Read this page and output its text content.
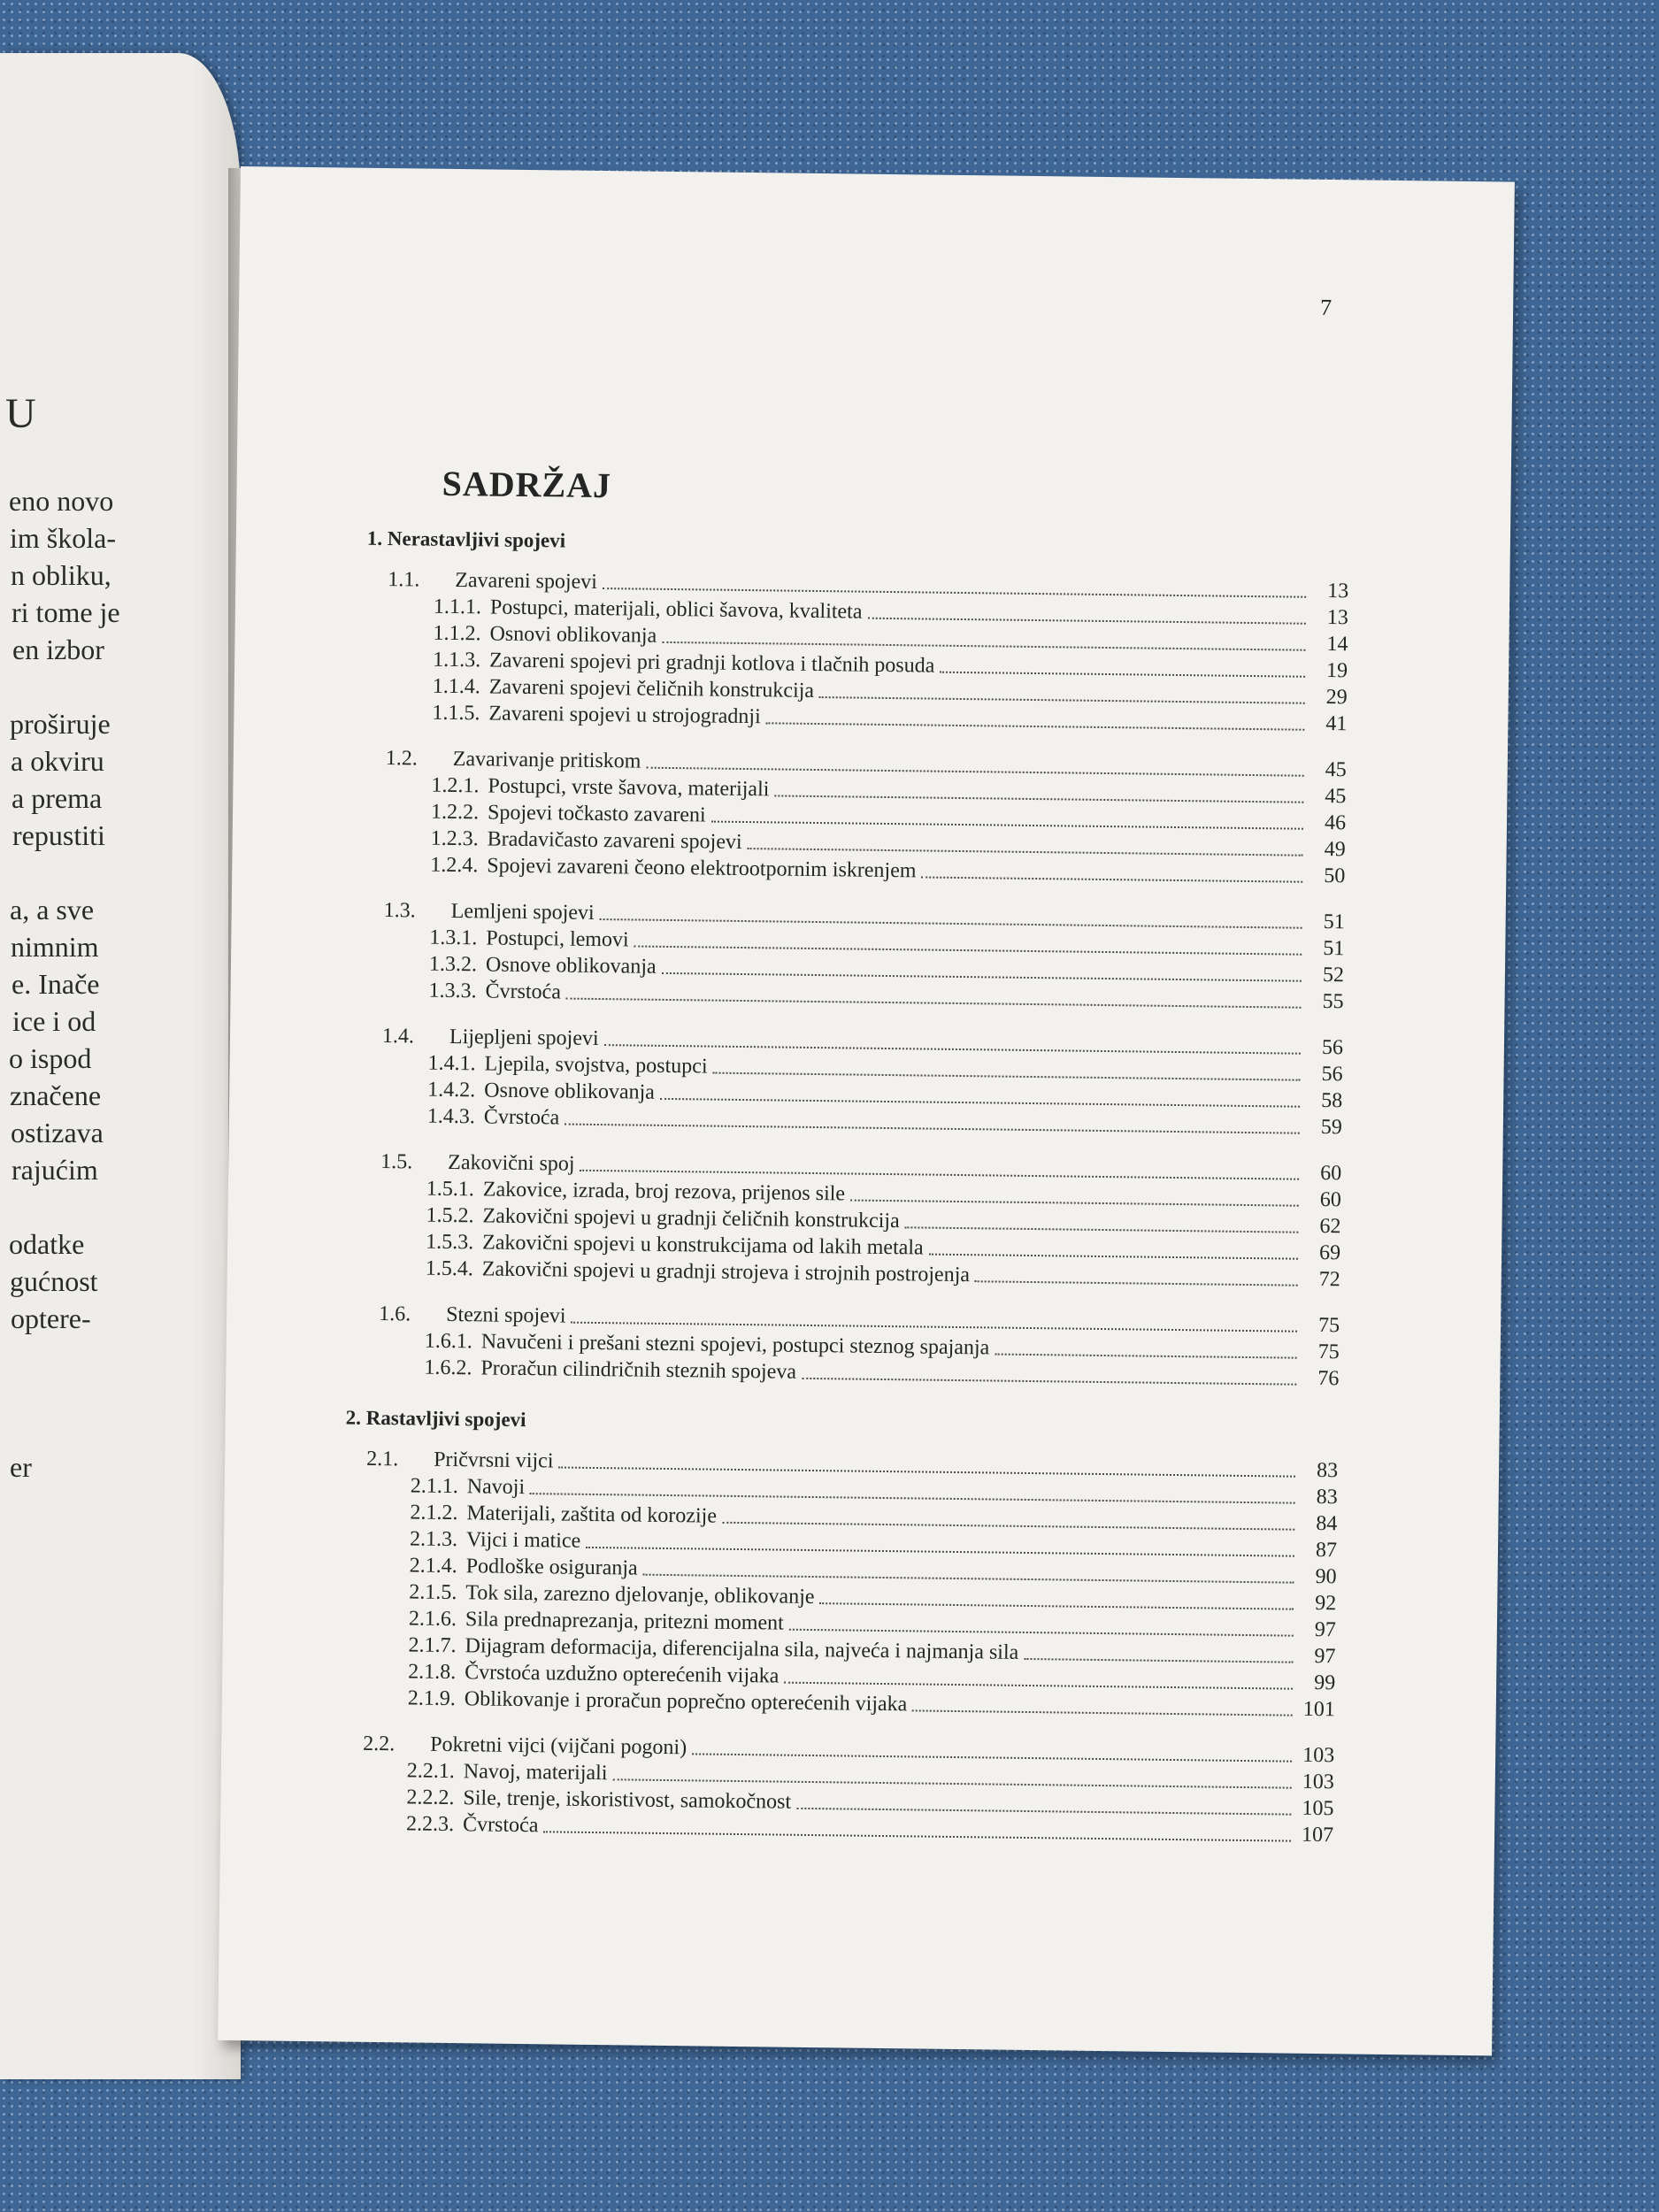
U
eno novo
im škola-
n obliku,
ri tome je
en izbor
proširuje
a okviru
a prema
repustiti
a, a sve
nimnim
e. Inače
ice i od
o ispod
značene
ostizava
rajućim
odatke
gućnost
optere-
er
7
SADRŽAJ
1. Nerastavljivi spojevi
1.1.	Zavareni spojevi	13
1.1.1. Postupci, materijali, oblici šavova, kvaliteta	13
1.1.2. Osnovi oblikovanja	14
1.1.3. Zavareni spojevi pri gradnji kotlova i tlačnih posuda	19
1.1.4. Zavareni spojevi čeličnih konstrukcija	29
1.1.5. Zavareni spojevi u strojogradnji	41
1.2.	Zavarivanje pritiskom	45
1.2.1. Postupci, vrste šavova, materijali	45
1.2.2. Spojevi točkasto zavareni	46
1.2.3. Bradavičasto zavareni spojevi	49
1.2.4. Spojevi zavareni čeono elektrootpornim iskrenjem	50
1.3.	Lemljeni spojevi	51
1.3.1. Postupci, lemovi	51
1.3.2. Osnove oblikovanja	52
1.3.3. Čvrstoća	55
1.4.	Lijepljeni spojevi	56
1.4.1. Ljepila, svojstva, postupci	56
1.4.2. Osnove oblikovanja	58
1.4.3. Čvrstoća	59
1.5.	Zakovični spoj	60
1.5.1. Zakovice, izrada, broj rezova, prijenos sile	60
1.5.2. Zakovični spojevi u gradnji čeličnih konstrukcija	62
1.5.3. Zakovični spojevi u konstrukcijama od lakih metala	69
1.5.4. Zakovični spojevi u gradnji strojeva i strojnih postrojenja	72
1.6.	Stezni spojevi	75
1.6.1. Navučeni i prešani stezni spojevi, postupci steznog spajanja	75
1.6.2. Proračun cilindričnih steznih spojeva	76
2. Rastavljivi spojevi
2.1.	Pričvrsni vijci	83
2.1.1. Navoji	83
2.1.2. Materijali, zaštita od korozije	84
2.1.3. Vijci i matice	87
2.1.4. Podloške osiguranja	90
2.1.5. Tok sila, zarezno djelovanje, oblikovanje	92
2.1.6. Sila prednaprezanja, pritezni moment	97
2.1.7. Dijagram deformacija, diferencijalna sila, najveća i najmanja sila	97
2.1.8. Čvrstoća uzdužno opterećenih vijaka	99
2.1.9. Oblikovanje i proračun poprečno opterećenih vijaka	101
2.2.	Pokretni vijci (vijčani pogoni)	103
2.2.1. Navoj, materijali	103
2.2.2. Sile, trenje, iskoristivost, samokočnost	105
2.2.3. Čvrstoća	107
